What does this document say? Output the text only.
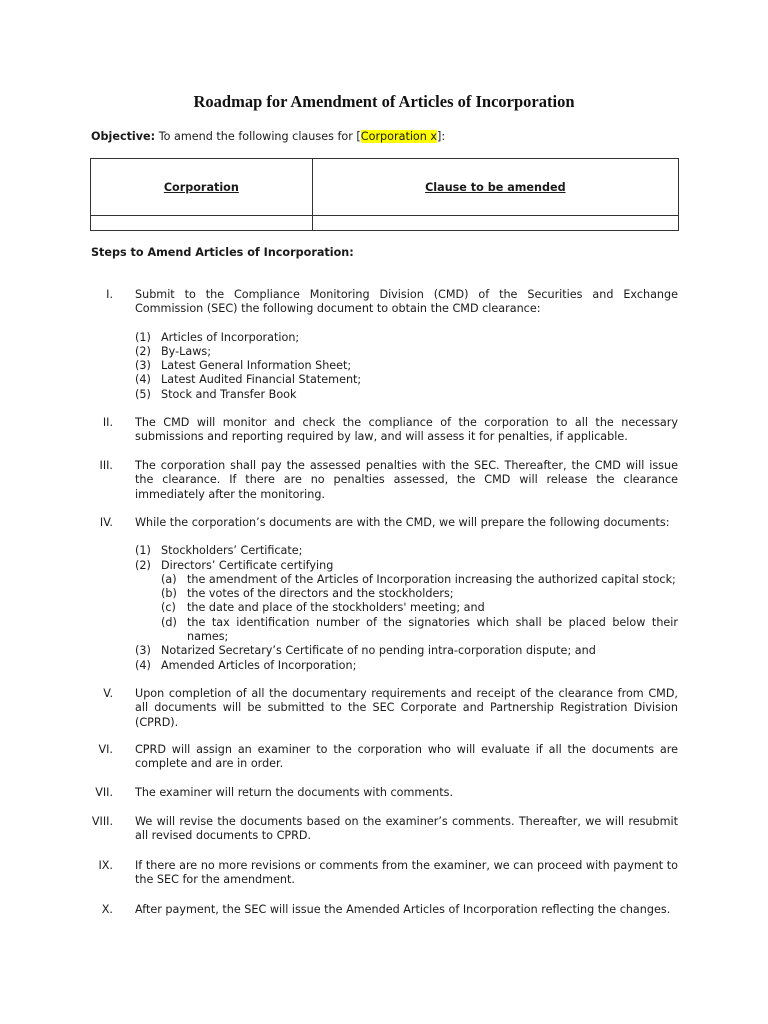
Roadmap for Amendment of Articles of Incorporation
Objective: To amend the following clauses for [Corporation x]:
Corporation	Clause to be amended

Steps to Amend Articles of Incorporation:
I. Submit to the Compliance Monitoring Division (CMD) of the Securities and Exchange Commission (SEC) the following document to obtain the CMD clearance:

(1) Articles of Incorporation;
(2) By-Laws;
(3) Latest General Information Sheet;
(4) Latest Audited Financial Statement;
(5) Stock and Transfer Book
II. The CMD will monitor and check the compliance of the corporation to all the necessary submissions and reporting required by law, and will assess it for penalties, if applicable.

III. The corporation shall pay the assessed penalties with the SEC. Thereafter, the CMD will issue the clearance. If there are no penalties assessed, the CMD will release the clearance immediately after the monitoring.

IV. While the corporation’s documents are with the CMD, we will prepare the following documents:

(1) Stockholders’ Certificate;
(2) Directors’ Certificate certifying
(a) the amendment of the Articles of Incorporation increasing the authorized capital stock;
(b) the votes of the directors and the stockholders;
(c) the date and place of the stockholders' meeting; and
(d) the tax identification number of the signatories which shall be placed below their names;
(3) Notarized Secretary’s Certificate of no pending intra-corporation dispute; and
(4) Amended Articles of Incorporation;
V. Upon completion of all the documentary requirements and receipt of the clearance from CMD, all documents will be submitted to the SEC Corporate and Partnership Registration Division (CPRD).

VI. CPRD will assign an examiner to the corporation who will evaluate if all the documents are complete and are in order.

VII. The examiner will return the documents with comments.

VIII. We will revise the documents based on the examiner’s comments. Thereafter, we will resubmit all revised documents to CPRD.

IX. If there are no more revisions or comments from the examiner, we can proceed with payment to the SEC for the amendment.

X. After payment, the SEC will issue the Amended Articles of Incorporation reflecting the changes.
